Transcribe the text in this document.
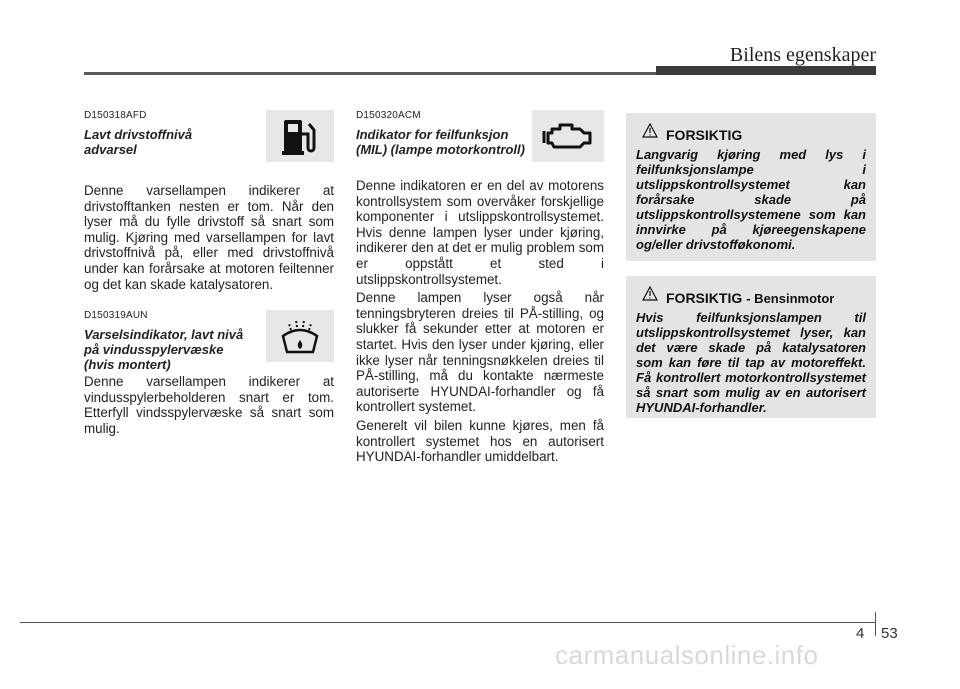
Bilens egenskaper
D150318AFD
Lavt drivstoffnivå
advarsel
Denne varsellampen indikerer at drivstofftanken nesten er tom. Når den lyser må du fylle drivstoff så snart som mulig. Kjøring med varsellampen for lavt drivstoffnivå på, eller med drivstoffnivå under kan forårsake at motoren feiltenner og det kan skade katalysatoren.
D150319AUN
Varselsindikator, lavt nivå
på vindusspylervæske
(hvis montert)
Denne varsellampen indikerer at vindusspylerbeholderen snart er tom. Etterfyll vindsspylervæske så snart som mulig.
D150320ACM
Indikator for feilfunksjon
(MIL) (lampe motorkontroll)
Denne indikatoren er en del av motorens kontrollsystem som overvåker forskjellige komponenter i utslippskontrollsystemet. Hvis denne lampen lyser under kjøring, indikerer den at det er mulig problem som er oppstått et sted i utslippskontrollsystemet.
Denne lampen lyser også når tenningsbryteren dreies til PÅ-stilling, og slukker få sekunder etter at motoren er startet. Hvis den lyser under kjøring, eller ikke lyser når tenningsnøkkelen dreies til PÅ-stilling, må du kontakte nærmeste autoriserte HYUNDAI-forhandler og få kontrollert systemet.
Generelt vil bilen kunne kjøres, men få kontrollert systemet hos en autorisert HYUNDAI-forhandler umiddelbart.
FORSIKTIG
Langvarig kjøring med lys i feilfunksjonslampe i utslippskontrollsystemet kan forårsake skade på utslippskontrollsystemene som kan innvirke på kjøreegenskapene og/eller drivstofføkonomi.
FORSIKTIG - Bensinmotor
Hvis feilfunksjonslampen til utslippskontrollsystemet lyser, kan det være skade på katalysatoren som kan føre til tap av motoreffekt. Få kontrollert motorkontrollsystemet så snart som mulig av en autorisert HYUNDAI-forhandler.
4 53
carmanualsonline.info
